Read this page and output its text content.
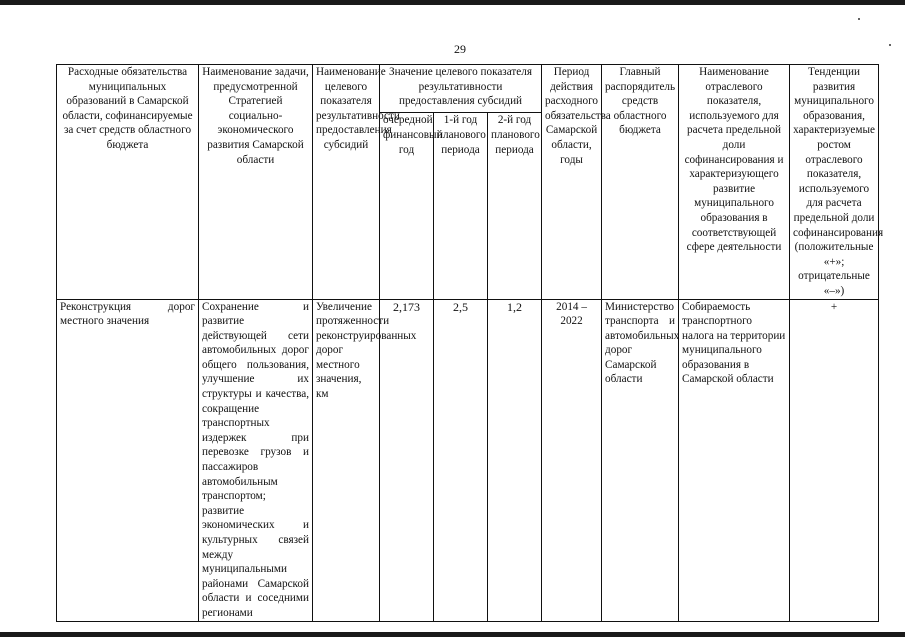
29
Расходные обязательства муниципальных образований в Самарской области, софинансируемые за счет средств областного бюджета	Наименование задачи, предусмотренной Стратегией социально-экономического развития Самарской области	Наименование целевого показателя результативности предоставления субсидий	Значение целевого показателя результативности предоставления субсидий			Период действия расходного обязательства Самарской области, годы	Главный распорядитель средств областного бюджета	Наименование отраслевого показателя, используемого для расчета предельной доли софинансирования и характеризующего развитие муниципального образования в соответствующей сфере деятельности	Тенденции развития муниципального образования, характеризуемые ростом отраслевого показателя, используемого для расчета предельной доли софинансирования (положительные «+»; отрицательные «–»)
			очередной финансовый год	1-й год планового периода	2-й год планового периода				
Реконструкция дорог местного значения	Сохранение и развитие действующей сети автомобильных дорог общего пользования, улучшение их структуры и качества, сокращение транспортных издержек при перевозке грузов и пассажиров автомобильным транспортом; развитие экономических и культурных связей между муниципальными районами Самарской области и соседними регионами	Увеличение протяженности реконструированных дорог местного значения, км	2,173	2,5	1,2	2014 – 2022	Министерство транспорта и автомобильных дорог Самарской области	Собираемость транспортного налога на территории муниципального образования в Самарской области	+
